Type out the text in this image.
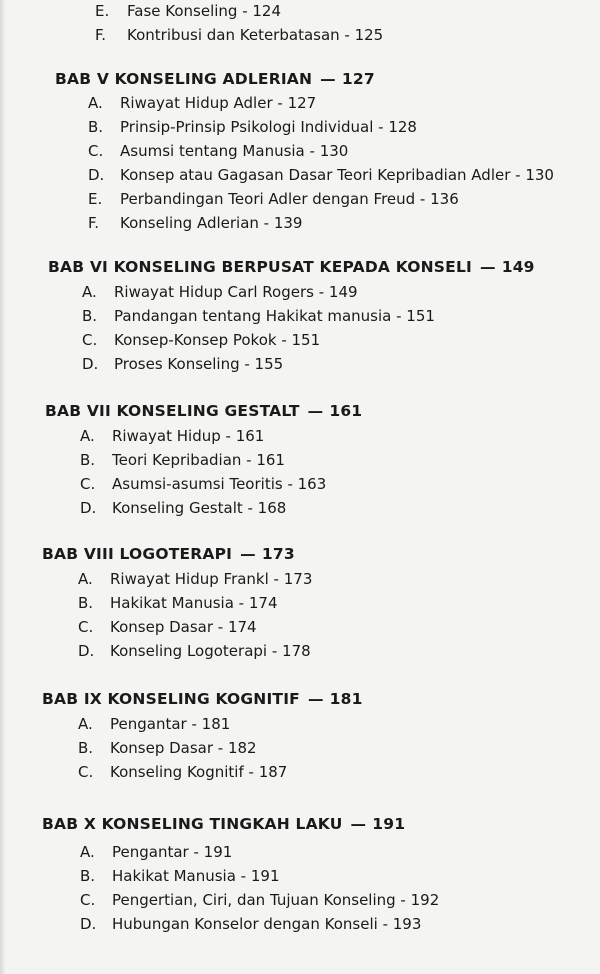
E. Fase Konseling - 124
F. Kontribusi dan Keterbatasan - 125
BAB V KONSELING ADLERIAN — 127
A. Riwayat Hidup Adler - 127
B. Prinsip-Prinsip Psikologi Individual - 128
C. Asumsi tentang Manusia - 130
D. Konsep atau Gagasan Dasar Teori Kepribadian Adler - 130
E. Perbandingan Teori Adler dengan Freud - 136
F. Konseling Adlerian - 139
BAB VI KONSELING BERPUSAT KEPADA KONSELI — 149
A. Riwayat Hidup Carl Rogers - 149
B. Pandangan tentang Hakikat manusia - 151
C. Konsep-Konsep Pokok - 151
D. Proses Konseling - 155
BAB VII KONSELING GESTALT — 161
A. Riwayat Hidup - 161
B. Teori Kepribadian - 161
C. Asumsi-asumsi Teoritis - 163
D. Konseling Gestalt - 168
BAB VIII LOGOTERAPI — 173
A. Riwayat Hidup Frankl - 173
B. Hakikat Manusia - 174
C. Konsep Dasar - 174
D. Konseling Logoterapi - 178
BAB IX KONSELING KOGNITIF — 181
A. Pengantar - 181
B. Konsep Dasar - 182
C. Konseling Kognitif - 187
BAB X KONSELING TINGKAH LAKU — 191
A. Pengantar - 191
B. Hakikat Manusia - 191
C. Pengertian, Ciri, dan Tujuan Konseling - 192
D. Hubungan Konselor dengan Konseli - 193
